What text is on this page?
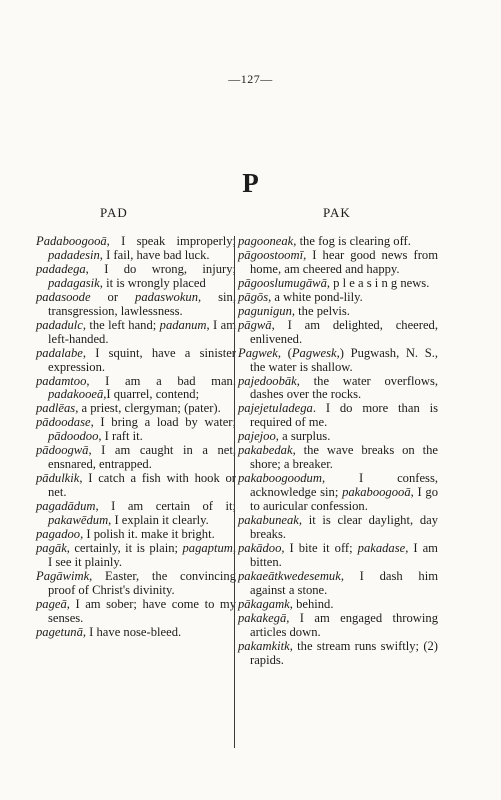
—127—
P
PAD	PAK
Padaboogooā, I speak improperly; padadesin, I fail, have bad luck.
padadega, I do wrong, injury; padagasik, it is wrongly placed
padasoode or padaswokun, sin, transgression, lawlessness.
padadulc, the left hand; padanum, I am left-handed.
padalabe, I squint, have a sinister expression.
padamtoo, I am a bad man. padakooeā,I quarrel, contend;
padlēas, a priest, clergyman; (pater).
pādoodase, I bring a load by water; pādoodoo, I raft it.
pādoogwā, I am caught in a net, ensnared, entrapped.
pādulkik, I catch a fish with hook or net.
pagadādum, I am certain of it; pakawēdum, I explain it clearly.
pagadoo, I polish it. make it bright.
pagāk, certainly, it is plain; pagaptum, I see it plainly.
Pagāwimk, Easter, the convincing proof of Christ's divinity.
pageā, I am sober; have come to my senses.
pagetunā, I have nose-bleed.
pagooneak, the fog is clearing off.
pāgoostoomī, I hear good news from home, am cheered and happy.
pāgooslumugāwā, p l e a s i n g news.
pāgōs, a white pond-lily.
pagunigun, the pelvis.
pāgwā, I am delighted, cheered, enlivened.
Pagwek, (Pagwesk,) Pugwash, N. S., the water is shallow.
pajedoobāk, the water overflows, dashes over the rocks.
pajejetuladega. I do more than is required of me.
pajejoo, a surplus.
pakabedak, the wave breaks on the shore; a breaker.
pakaboogoodum, I confess, acknowledge sin; pakaboogooā, I go to auricular confession.
pakabuneak, it is clear daylight, day breaks.
pakādoo, I bite it off; pakadase, I am bitten.
pakaeātkwedesemuk, I dash him against a stone.
pākagamk, behind.
pakakegā, I am engaged throwing articles down.
pakamkitk, the stream runs swiftly; (2) rapids.
